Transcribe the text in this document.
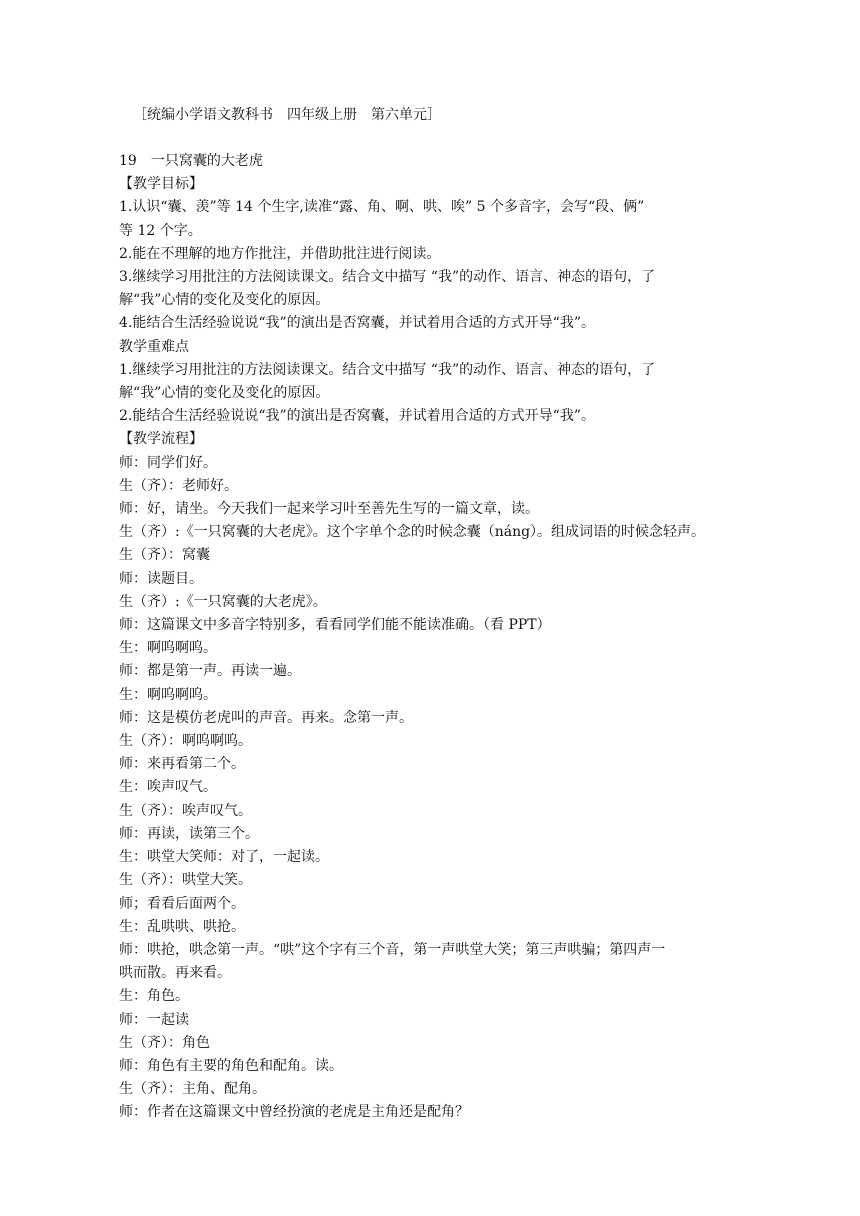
［统编小学语文教科书　四年级上册　第六单元］
19　一只窝囊的大老虎
【教学目标】
1.认识“囊、羡”等 14 个生字,读准“露、角、啊、哄、唉” 5 个多音字，会写“段、俩”
等 12 个字。
2.能在不理解的地方作批注，并借助批注进行阅读。
3.继续学习用批注的方法阅读课文。结合文中描写 “我”的动作、语言、神态的语句，了
解“我”心情的变化及变化的原因。
4.能结合生活经验说说“我”的演出是否窝囊，并试着用合适的方式开导“我”。
教学重难点
1.继续学习用批注的方法阅读课文。结合文中描写 “我”的动作、语言、神态的语句，了
解“我”心情的变化及变化的原因。
2.能结合生活经验说说“我”的演出是否窝囊，并试着用合适的方式开导“我”。
【教学流程】
师：同学们好。
生（齐）：老师好。
师：好，请坐。今天我们一起来学习叶至善先生写的一篇文章，读。
生（齐）:《一只窝囊的大老虎》。这个字单个念的时候念囊（náng）。组成词语的时候念轻声。
生（齐）：窝囊
师：读题目。
生（齐）:《一只窝囊的大老虎》。
师：这篇课文中多音字特别多，看看同学们能不能读准确。（看 PPT）
生：啊呜啊呜。
师：都是第一声。再读一遍。
生：啊呜啊呜。
师：这是模仿老虎叫的声音。再来。念第一声。
生（齐）：啊呜啊呜。
师：来再看第二个。
生：唉声叹气。
生（齐）：唉声叹气。
师：再读，读第三个。
生：哄堂大笑师：对了，一起读。
生（齐）：哄堂大笑。
师；看看后面两个。
生：乱哄哄、哄抢。
师：哄抢，哄念第一声。“哄”这个字有三个音，第一声哄堂大笑；第三声哄骗；第四声一
哄而散。再来看。
生：角色。
师：一起读
生（齐）：角色
师：角色有主要的角色和配角。读。
生（齐）：主角、配角。
师：作者在这篇课文中曾经扮演的老虎是主角还是配角？
